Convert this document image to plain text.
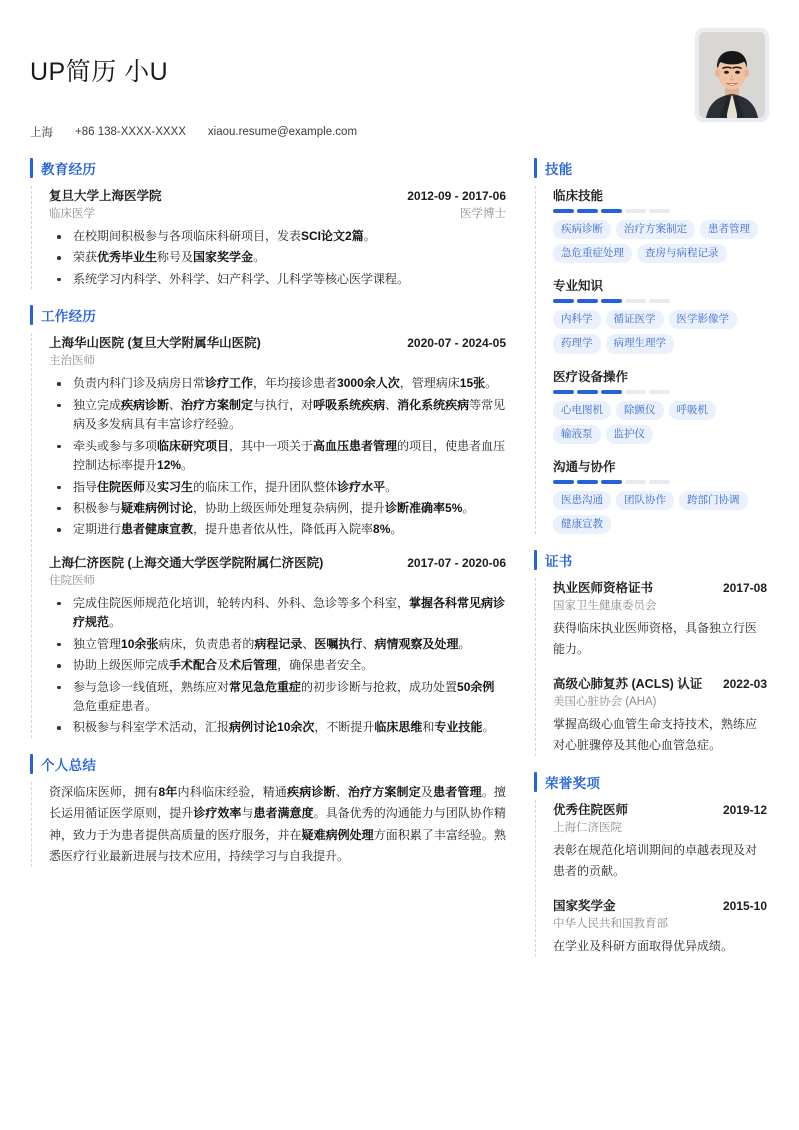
UP简历 小U
上海 +86 138-XXXX-XXXX xiaou.resume@example.com
教育经历
复旦大学上海医学院	2012-09 - 2017-06
临床医学	医学博士
在校期间积极参与各项临床科研项目，发表SCI论文2篇。
荣获优秀毕业生称号及国家奖学金。
系统学习内科学、外科学、妇产科学、儿科学等核心医学课程。
工作经历
上海华山医院 (复旦大学附属华山医院)	2020-07 - 2024-05
主治医师
负责内科门诊及病房日常诊疗工作，年均接诊患者3000余人次，管理病床15张。
独立完成疾病诊断、治疗方案制定与执行，对呼吸系统疾病、消化系统疾病等常见病及多发病具有丰富诊疗经验。
牵头或参与多项临床研究项目，其中一项关于高血压患者管理的项目，使患者血压控制达标率提升12%。
指导住院医师及实习生的临床工作，提升团队整体诊疗水平。
积极参与疑难病例讨论，协助上级医师处理复杂病例，提升诊断准确率5%。
定期进行患者健康宣教，提升患者依从性，降低再入院率8%。
上海仁济医院 (上海交通大学医学院附属仁济医院)	2017-07 - 2020-06
住院医师
完成住院医师规范化培训，轮转内科、外科、急诊等多个科室，掌握各科常见病诊疗规范。
独立管理10余张病床，负责患者的病程记录、医嘱执行、病情观察及处理。
协助上级医师完成手术配合及术后管理，确保患者安全。
参与急诊一线值班，熟练应对常见急危重症的初步诊断与抢救，成功处置50余例急危重症患者。
积极参与科室学术活动，汇报病例讨论10余次，不断提升临床思维和专业技能。
个人总结
资深临床医师，拥有8年内科临床经验，精通疾病诊断、治疗方案制定及患者管理。擅长运用循证医学原则，提升诊疗效率与患者满意度。具备优秀的沟通能力与团队协作精神，致力于为患者提供高质量的医疗服务，并在疑难病例处理方面积累了丰富经验。熟悉医疗行业最新进展与技术应用，持续学习与自我提升。
技能
临床技能
疾病诊断	治疗方案制定	患者管理
急危重症处理	查房与病程记录
专业知识
内科学	循证医学	医学影像学
药理学	病理生理学
医疗设备操作
心电图机	除颤仪	呼吸机
输液泵	监护仪
沟通与协作
医患沟通	团队协作	跨部门协调
健康宣教
证书
执业医师资格证书	2017-08
国家卫生健康委员会
获得临床执业医师资格，具备独立行医能力。
高级心肺复苏 (ACLS) 认证 2022-03
美国心脏协会 (AHA)
掌握高级心血管生命支持技术，熟练应对心脏骤停及其他心血管急症。
荣誉奖项
优秀住院医师	2019-12
上海仁济医院
表彰在规范化培训期间的卓越表现及对患者的贡献。
国家奖学金	2015-10
中华人民共和国教育部
在学业及科研方面取得优异成绩。
